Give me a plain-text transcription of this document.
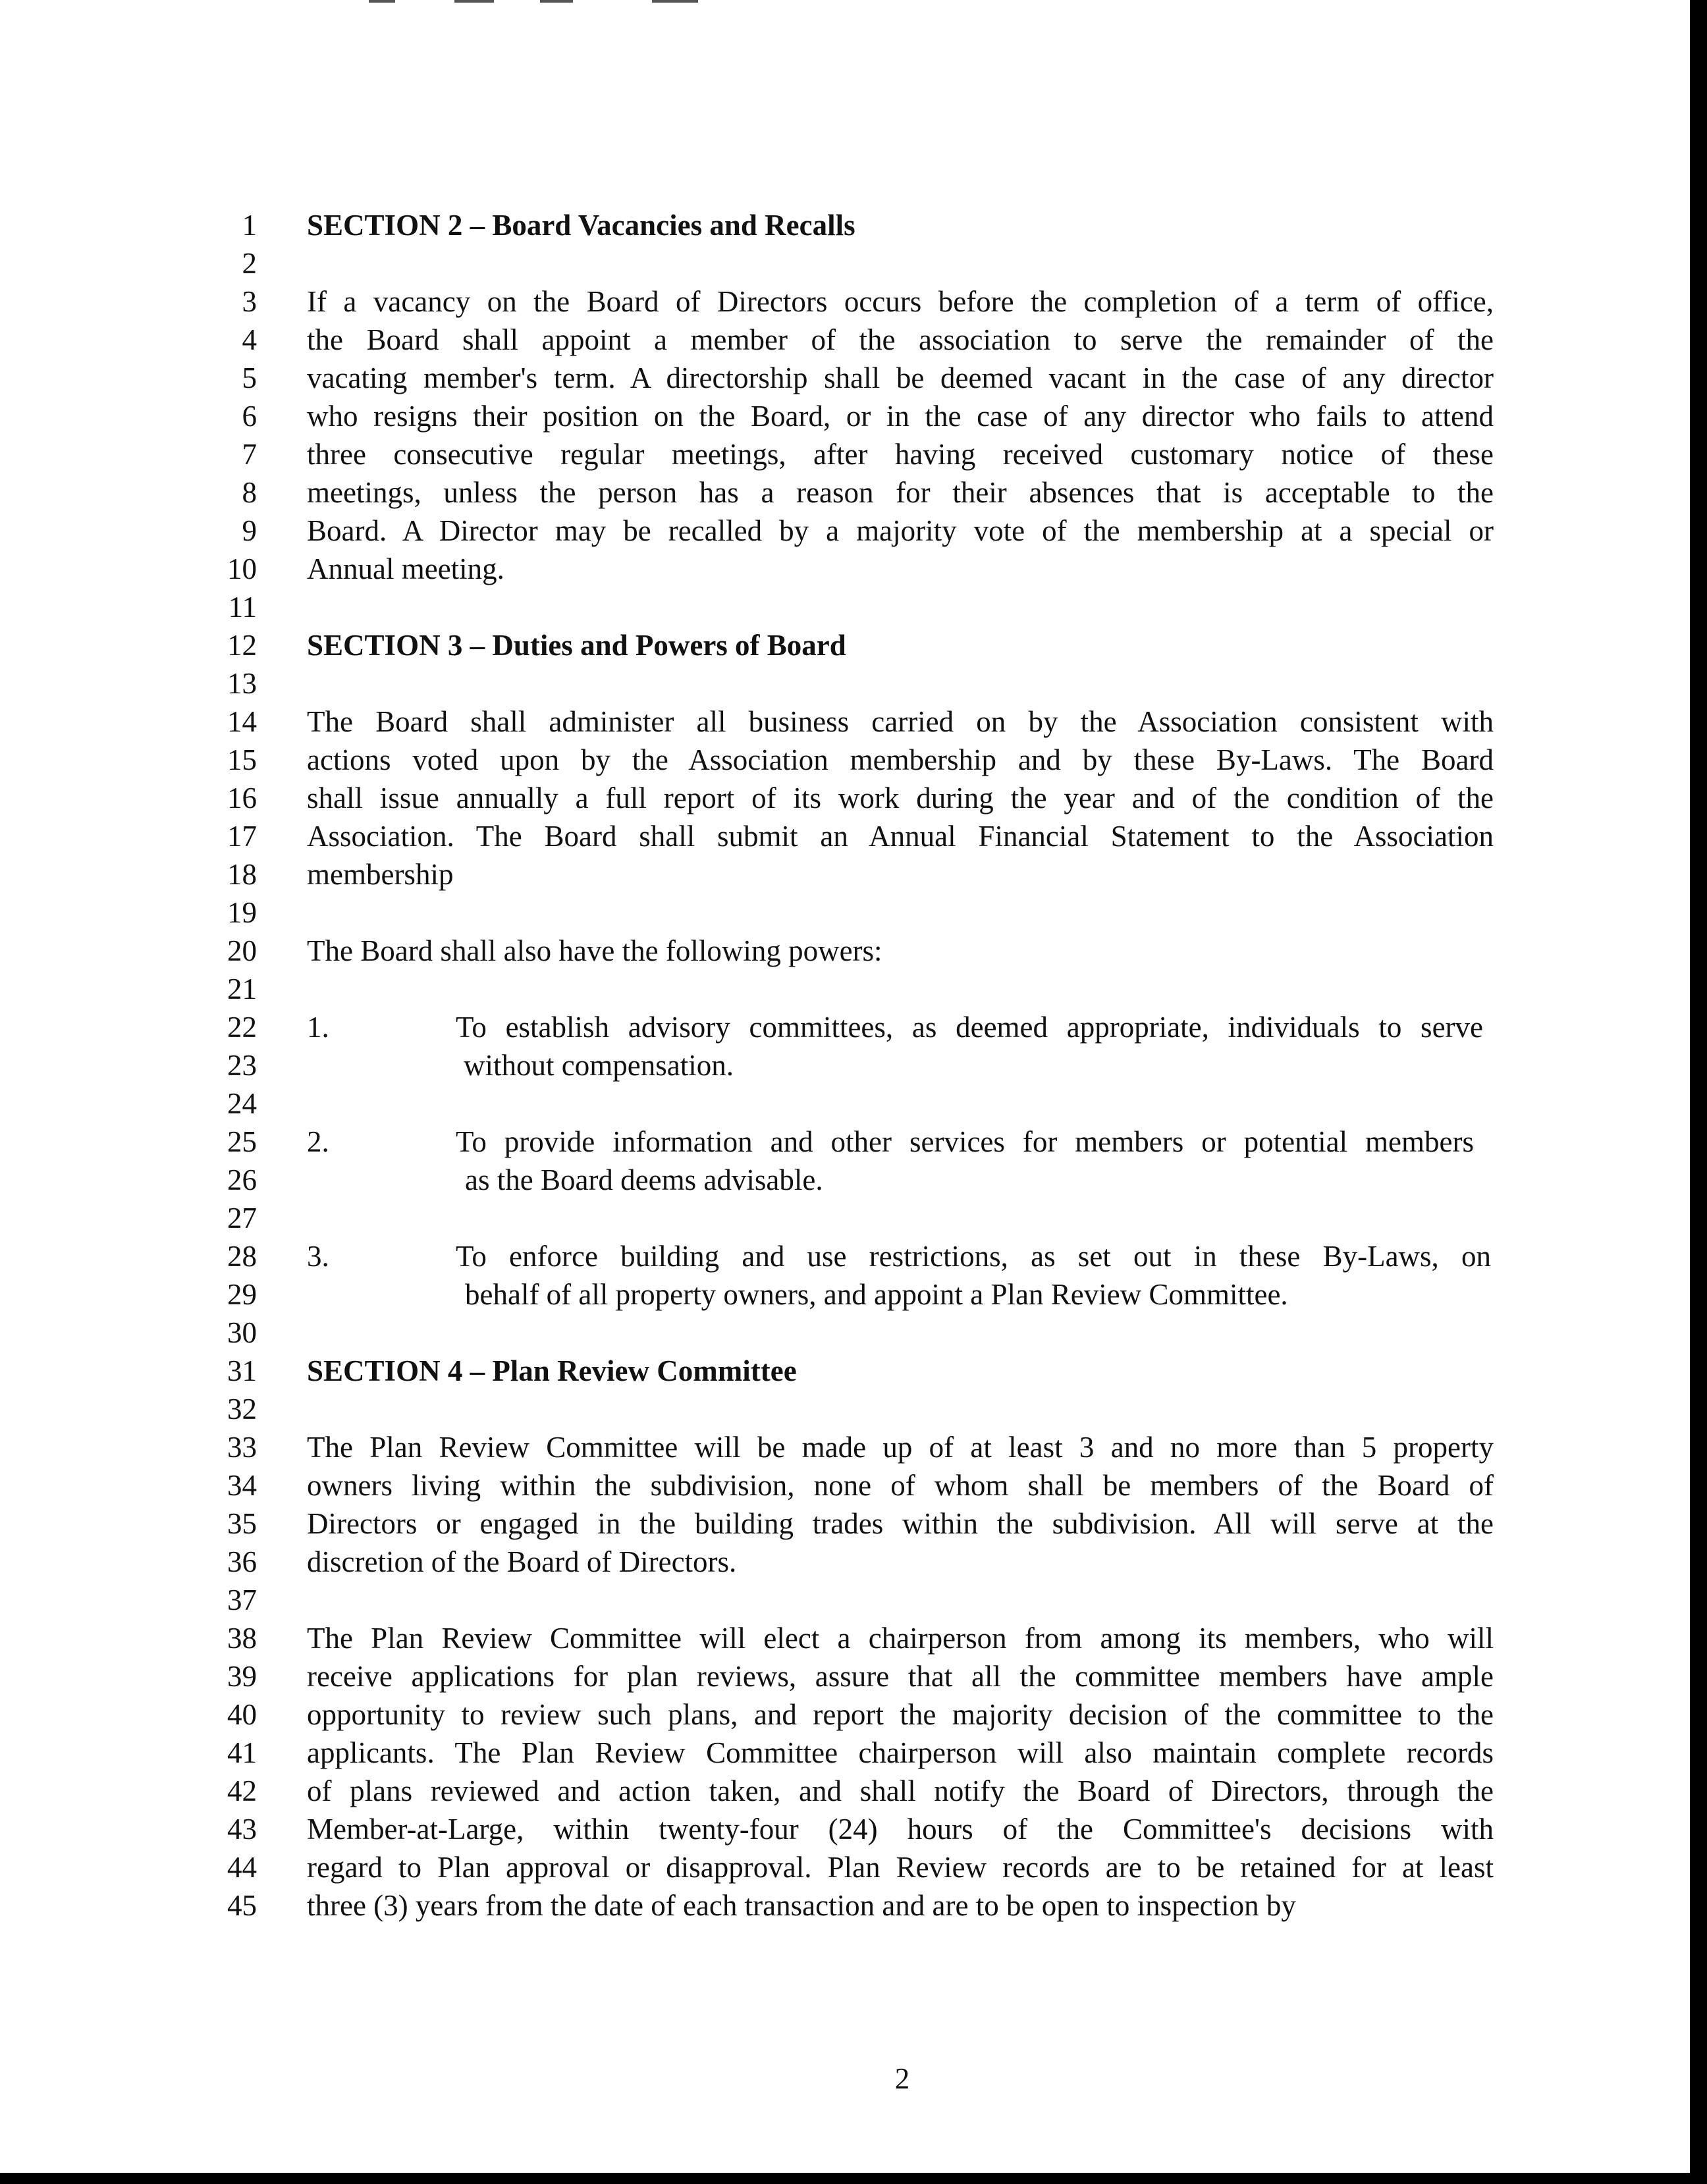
1 SECTION 2 – Board Vacancies and Recalls
2
3 If a vacancy on the Board of Directors occurs before the completion of a term of office,
4 the Board shall appoint a member of the association to serve the remainder of the
5 vacating member's term. A directorship shall be deemed vacant in the case of any director
6 who resigns their position on the Board, or in the case of any director who fails to attend
7 three consecutive regular meetings, after having received customary notice of these
8 meetings, unless the person has a reason for their absences that is acceptable to the
9 Board. A Director may be recalled by a majority vote of the membership at a special or
10 Annual meeting.
11
12 SECTION 3 – Duties and Powers of Board
13
14 The Board shall administer all business carried on by the Association consistent with
15 actions voted upon by the Association membership and by these By-Laws. The Board
16 shall issue annually a full report of its work during the year and of the condition of the
17 Association. The Board shall submit an Annual Financial Statement to the Association
18 membership
19
20 The Board shall also have the following powers:
21
22 1.	To establish advisory committees, as deemed appropriate, individuals to serve
23	without compensation.
24
25 2.	To provide information and other services for members or potential members
26	as the Board deems advisable.
27
28 3.	To enforce building and use restrictions, as set out in these By-Laws, on
29	behalf of all property owners, and appoint a Plan Review Committee.
30
31 SECTION 4 – Plan Review Committee
32
33 The Plan Review Committee will be made up of at least 3 and no more than 5 property
34 owners living within the subdivision, none of whom shall be members of the Board of
35 Directors or engaged in the building trades within the subdivision. All will serve at the
36 discretion of the Board of Directors.
37
38 The Plan Review Committee will elect a chairperson from among its members, who will
39 receive applications for plan reviews, assure that all the committee members have ample
40 opportunity to review such plans, and report the majority decision of the committee to the
41 applicants. The Plan Review Committee chairperson will also maintain complete records
42 of plans reviewed and action taken, and shall notify the Board of Directors, through the
43 Member-at-Large, within twenty-four (24) hours of the Committee's decisions with
44 regard to Plan approval or disapproval. Plan Review records are to be retained for at least
45 three (3) years from the date of each transaction and are to be open to inspection by
2
